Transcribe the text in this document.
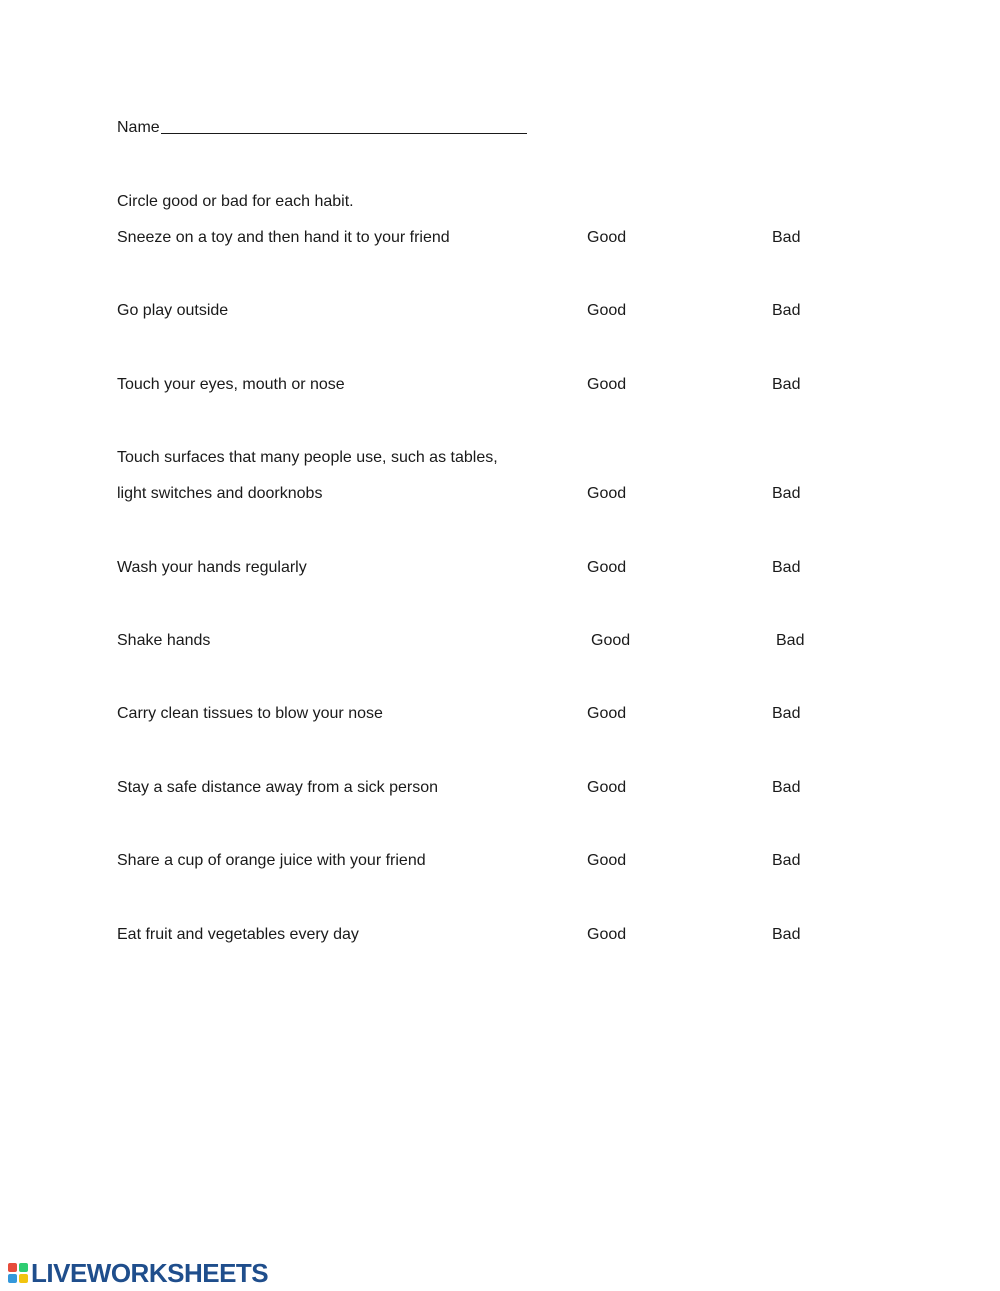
Name
Circle good or bad for each habit.
Sneeze on a toy and then hand it to your friend	Good	Bad
Go play outside	Good	Bad
Touch your eyes, mouth or nose	Good	Bad
Touch surfaces that many people use, such as tables,
light switches and doorknobs	Good	Bad
Wash your hands regularly	Good	Bad
Shake hands	Good	Bad
Carry clean tissues to blow your nose	Good	Bad
Stay a safe distance away from a sick person	Good	Bad
Share a cup of orange juice with your friend	Good	Bad
Eat fruit and vegetables every day	Good	Bad
LIVEWORKSHEETS
